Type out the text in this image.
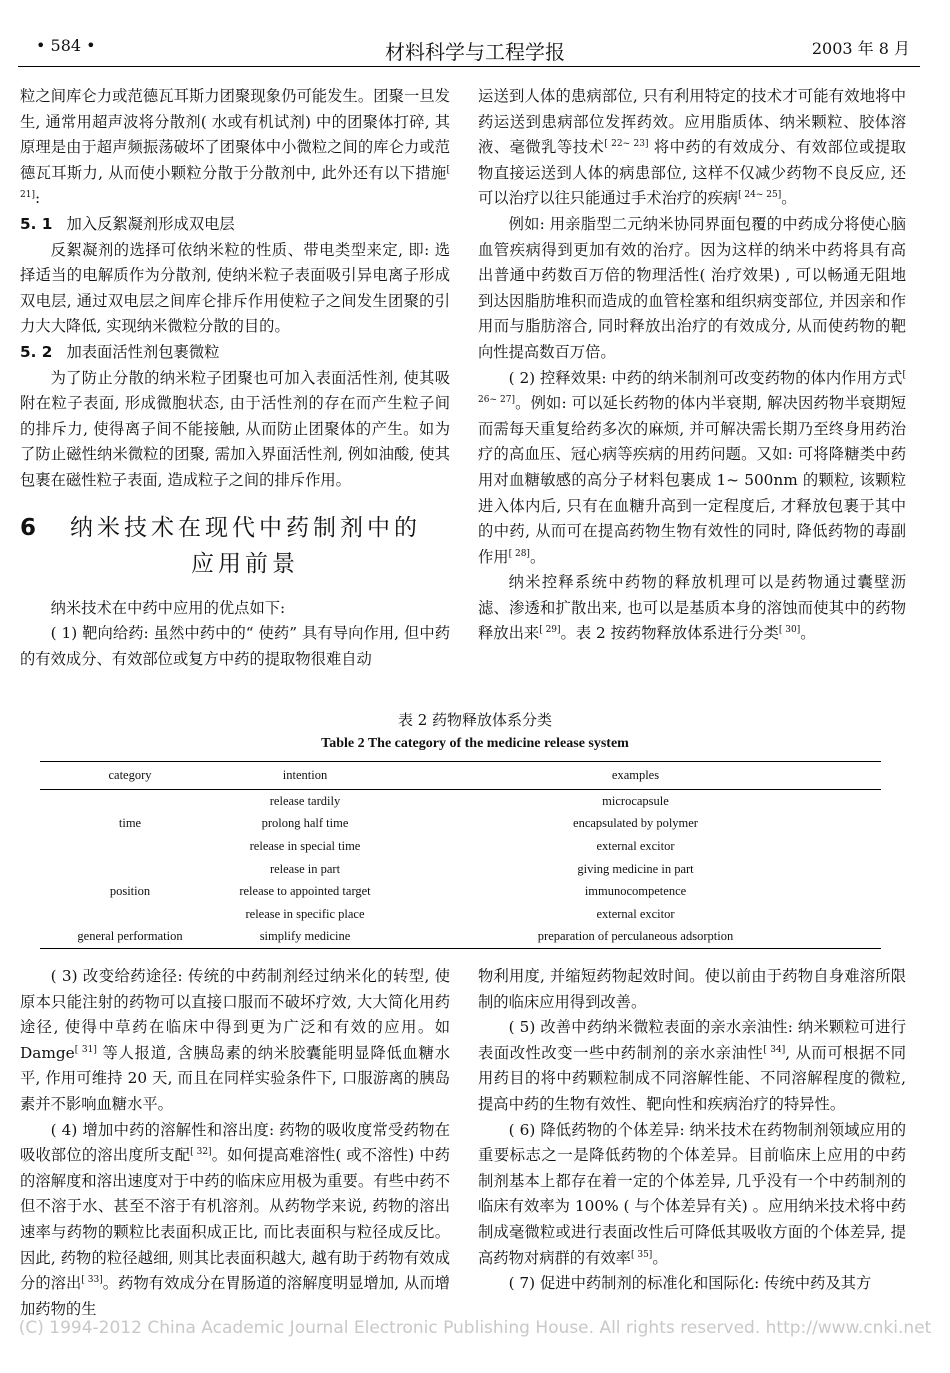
• 584 •	材料科学与工程学报	2003 年 8 月

粒之间库仑力或范德瓦耳斯力团聚现象仍可能发生。团聚一旦发生, 通常用超声波将分散剂( 水或有机试剂) 中的团聚体打碎, 其原理是由于超声频振荡破坏了团聚体中小微粒之间的库仑力或范德瓦耳斯力, 从而使小颗粒分散于分散剂中, 此外还有以下措施[ 21]:

5. 1 加入反絮凝剂形成双电层

反絮凝剂的选择可依纳米粒的性质、带电类型来定, 即: 选择适当的电解质作为分散剂, 使纳米粒子表面吸引异电离子形成双电层, 通过双电层之间库仑排斥作用使粒子之间发生团聚的引力大大降低, 实现纳米微粒分散的目的。

5. 2 加表面活性剂包裹微粒

为了防止分散的纳米粒子团聚也可加入表面活性剂, 使其吸附在粒子表面, 形成微胞状态, 由于活性剂的存在而产生粒子间的排斥力, 使得离子间不能接触, 从而防止团聚体的产生。如为了防止磁性纳米微粒的团聚, 需加入界面活性剂, 例如油酸, 使其包裹在磁性粒子表面, 造成粒子之间的排斥作用。

6 纳米技术在现代中药制剂中的
应用前景

纳米技术在中药中应用的优点如下:

( 1) 靶向给药: 虽然中药中的“ 使药” 具有导向作用, 但中药的有效成分、有效部位或复方中药的提取物很难自动

运送到人体的患病部位, 只有利用特定的技术才可能有效地将中药运送到患病部位发挥药效。应用脂质体、纳米颗粒、胶体溶液、毫微乳等技术[ 22~ 23] 将中药的有效成分、有效部位或提取物直接运送到人体的病患部位, 这样不仅减少药物不良反应, 还可以治疗以往只能通过手术治疗的疾病[ 24~ 25]。

例如: 用亲脂型二元纳米协同界面包覆的中药成分将使心脑血管疾病得到更加有效的治疗。因为这样的纳米中药将具有高出普通中药数百万倍的物理活性( 治疗效果) , 可以畅通无阻地到达因脂肪堆积而造成的血管栓塞和组织病变部位, 并因亲和作用而与脂肪溶合, 同时释放出治疗的有效成分, 从而使药物的靶向性提高数百万倍。

( 2) 控释效果: 中药的纳米制剂可改变药物的体内作用方式[ 26~ 27]。例如: 可以延长药物的体内半衰期, 解决因药物半衰期短而需每天重复给药多次的麻烦, 并可解决需长期乃至终身用药治疗的高血压、冠心病等疾病的用药问题。又如: 可将降糖类中药用对血糖敏感的高分子材料包裹成 1~ 500nm 的颗粒, 该颗粒进入体内后, 只有在血糖升高到一定程度后, 才释放包裹于其中的中药, 从而可在提高药物生物有效性的同时, 降低药物的毒副作用[ 28]。

纳米控释系统中药物的释放机理可以是药物通过囊壁沥滤、渗透和扩散出来, 也可以是基质本身的溶蚀而使其中的药物释放出来[ 29]。表 2 按药物释放体系进行分类[ 30]。

表 2 药物释放体系分类
Table 2 The category of the medicine release system
category	intention	examples
	release tardily	microcapsule
time	prolong half time	encapsulated by polymer
	release in special time	external excitor
	release in part	giving medicine in part
position	release to appointed target	immunocompetence
	release in specific place	external excitor
general performation	simplify medicine	preparation of perculaneous adsorption

( 3) 改变给药途径: 传统的中药制剂经过纳米化的转型, 使原本只能注射的药物可以直接口服而不破坏疗效, 大大简化用药途径, 使得中草药在临床中得到更为广泛和有效的应用。如 Damge[ 31] 等人报道, 含胰岛素的纳米胶囊能明显降低血糖水平, 作用可维持 20 天, 而且在同样实验条件下, 口服游离的胰岛素并不影响血糖水平。

( 4) 增加中药的溶解性和溶出度: 药物的吸收度常受药物在吸收部位的溶出度所支配[ 32]。如何提高难溶性( 或不溶性) 中药的溶解度和溶出速度对于中药的临床应用极为重要。有些中药不但不溶于水、甚至不溶于有机溶剂。从药物学来说, 药物的溶出速率与药物的颗粒比表面积成正比, 而比表面积与粒径成反比。因此, 药物的粒径越细, 则其比表面积越大, 越有助于药物有效成分的溶出[ 33]。药物有效成分在胃肠道的溶解度明显增加, 从而增加药物的生

物利用度, 并缩短药物起效时间。使以前由于药物自身难溶所限制的临床应用得到改善。

( 5) 改善中药纳米微粒表面的亲水亲油性: 纳米颗粒可进行表面改性改变一些中药制剂的亲水亲油性[ 34], 从而可根据不同用药目的将中药颗粒制成不同溶解性能、不同溶解程度的微粒, 提高中药的生物有效性、靶向性和疾病治疗的特异性。

( 6) 降低药物的个体差异: 纳米技术在药物制剂领域应用的重要标志之一是降低药物的个体差异。目前临床上应用的中药制剂基本上都存在着一定的个体差异, 几乎没有一个中药制剂的临床有效率为 100% ( 与个体差异有关) 。应用纳米技术将中药制成毫微粒或进行表面改性后可降低其吸收方面的个体差异, 提高药物对病群的有效率[ 35]。

( 7) 促进中药制剂的标准化和国际化: 传统中药及其方

(C) 1994-2012 China Academic Journal Electronic Publishing House. All rights reserved. http://www.cnki.net
